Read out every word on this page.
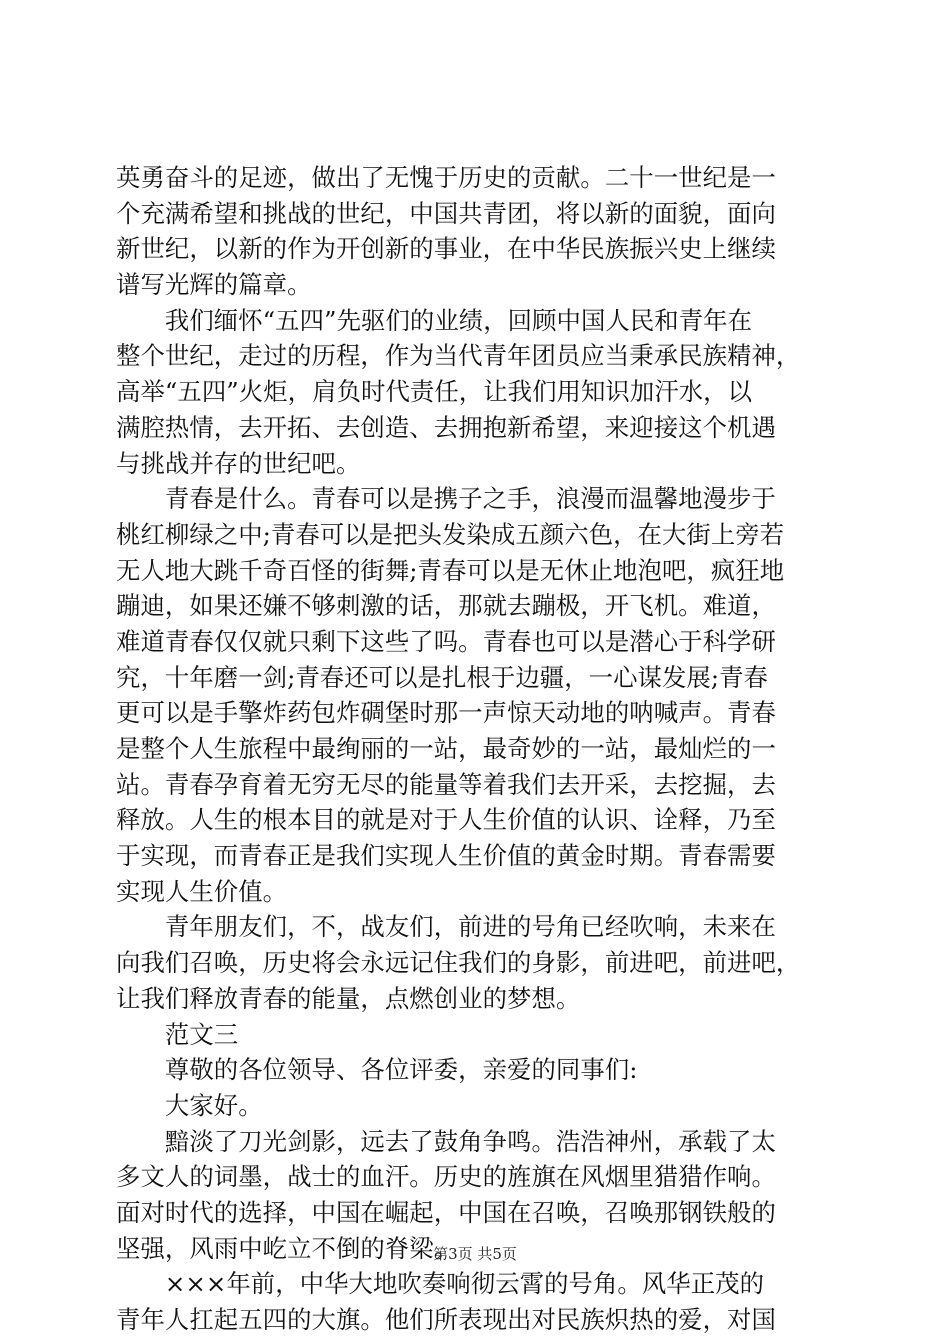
英勇奋斗的足迹，做出了无愧于历史的贡献。二十一世纪是一
个充满希望和挑战的世纪，中国共青团，将以新的面貌，面向
新世纪，以新的作为开创新的事业，在中华民族振兴史上继续
谱写光辉的篇章。
　　我们缅怀“五四”先驱们的业绩，回顾中国人民和青年在
整个世纪，走过的历程，作为当代青年团员应当秉承民族精神，
高举“五四”火炬，肩负时代责任，让我们用知识加汗水，以
满腔热情，去开拓、去创造、去拥抱新希望，来迎接这个机遇
与挑战并存的世纪吧。
　　青春是什么。青春可以是携子之手，浪漫而温馨地漫步于
桃红柳绿之中;青春可以是把头发染成五颜六色，在大街上旁若
无人地大跳千奇百怪的街舞;青春可以是无休止地泡吧，疯狂地
蹦迪，如果还嫌不够刺激的话，那就去蹦极，开飞机。难道，
难道青春仅仅就只剩下这些了吗。青春也可以是潜心于科学研
究，十年磨一剑;青春还可以是扎根于边疆，一心谋发展;青春
更可以是手擎炸药包炸碉堡时那一声惊天动地的呐喊声。青春
是整个人生旅程中最绚丽的一站，最奇妙的一站，最灿烂的一
站。青春孕育着无穷无尽的能量等着我们去开采，去挖掘，去
释放。人生的根本目的就是对于人生价值的认识、诠释，乃至
于实现，而青春正是我们实现人生价值的黄金时期。青春需要
实现人生价值。
　　青年朋友们，不，战友们，前进的号角已经吹响，未来在
向我们召唤，历史将会永远记住我们的身影，前进吧，前进吧，
让我们释放青春的能量，点燃创业的梦想。
　　范文三
　　尊敬的各位领导、各位评委，亲爱的同事们:
　　大家好。
　　黯淡了刀光剑影，远去了鼓角争鸣。浩浩神州，承载了太
多文人的词墨，战士的血汗。历史的旌旗在风烟里猎猎作响。
面对时代的选择，中国在崛起，中国在召唤，召唤那钢铁般的
坚强，风雨中屹立不倒的脊梁。
　　×××年前，中华大地吹奏响彻云霄的号角。风华正茂的
青年人扛起五四的大旗。他们所表现出对民族炽热的爱，对国
第3页 共5页
